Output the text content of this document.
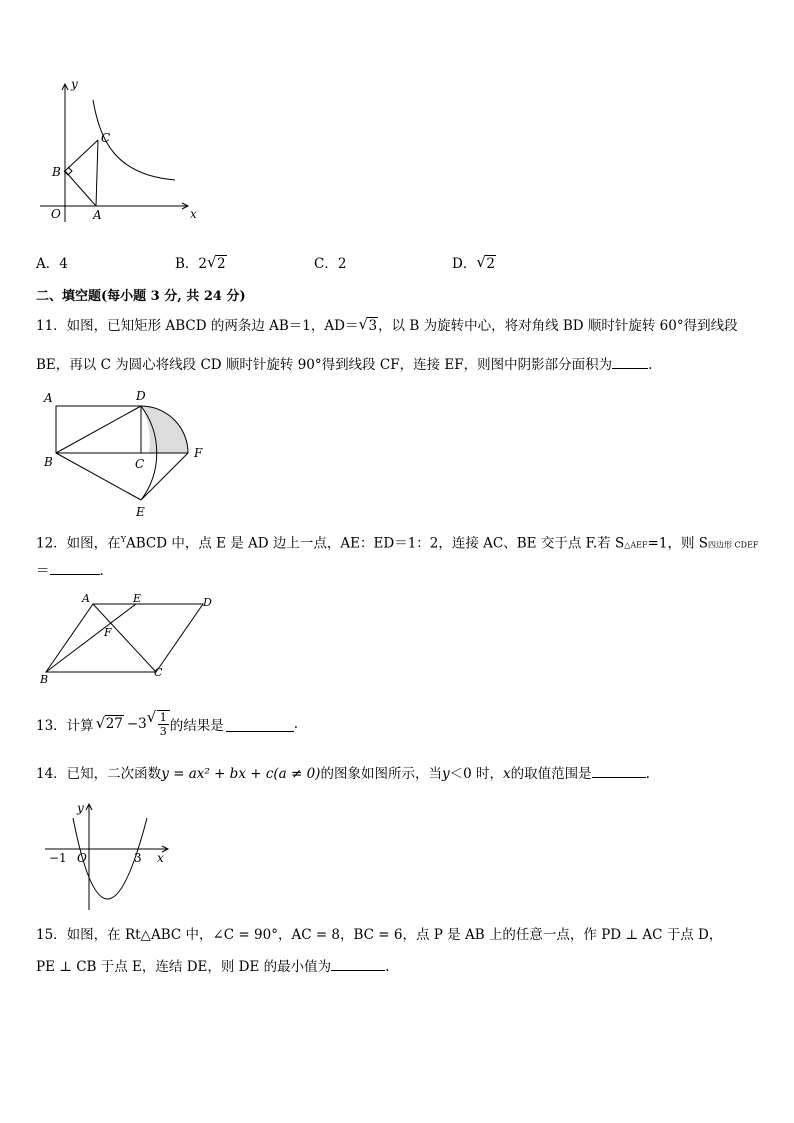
y
x
O	A
B
C
A．4	B．2 √ 2	C．2	D． √ 2
二、填空题(每小题 3 分, 共 24 分)
11．如图，已知矩形 ABCD 的两条边 AB＝1，AD＝ √ 3，以 B 为旋转中心，将对角线 BD 顺时针旋转 60°得到线段
BE，再以 C 为圆心将线段 CD 顺时针旋转 90°得到线段 CF，连接 EF，则图中阴影部分面积为	.
A	D
B	C
F
E
12．如图，在$^Y$ABCD 中，点 E 是 AD 边上一点，AE：ED＝1：2，连接 AC、BE 交于点 F.若 S△AEF=1，则 S四边形 CDEF
＝	.
A	E	D
F
B
C
13．计算 √ 27 −3 √ $\frac{1}{3}$ 的结果是	.
14．已知，二次函数y = ax² + bx + c(a ≠ 0)的图象如图所示，当y＜0 时，x的取值范围是	.
y
x
O
−1	3
15．如图，在 Rt△ABC 中，∠C = 90°，AC = 8，BC = 6，点 P 是 AB 上的任意一点，作 PD ⊥ AC 于点 D，
PE ⊥ CB 于点 E，连结 DE，则 DE 的最小值为	.
